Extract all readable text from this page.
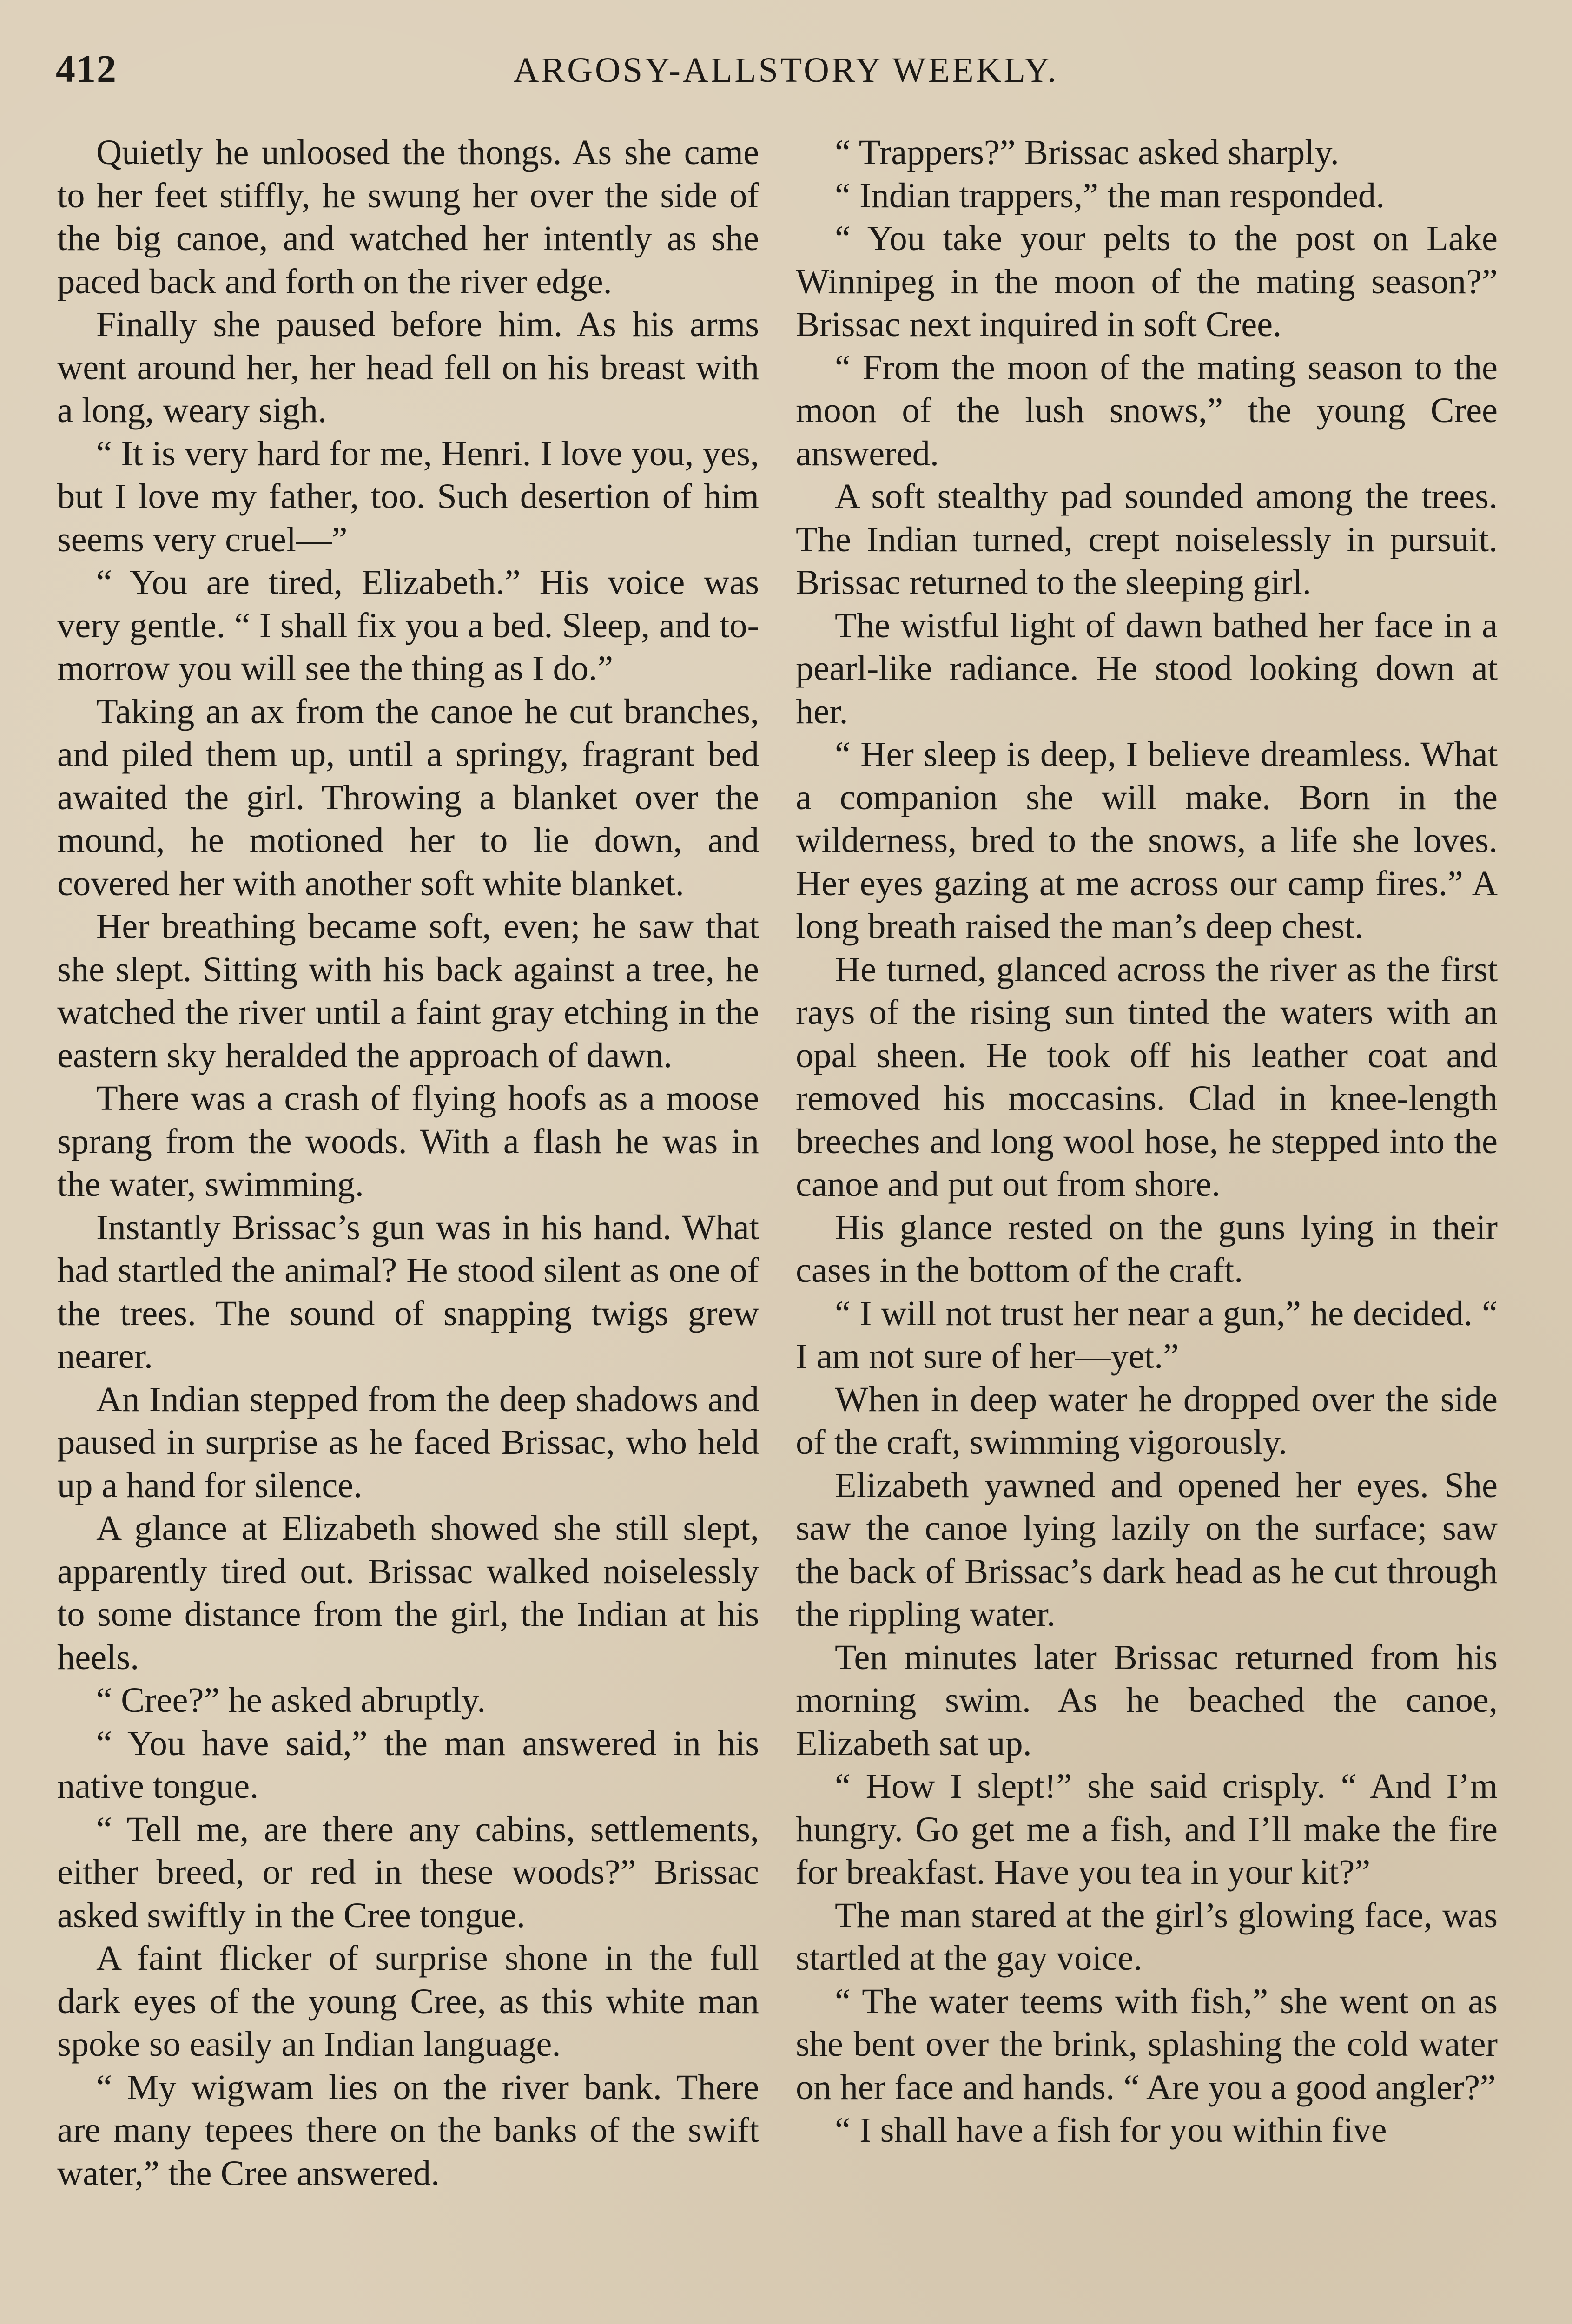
412	ARGOSY-ALLSTORY WEEKLY.

Quietly he unloosed the thongs. As she came to her feet stiffly, he swung her over the side of the big canoe, and watched her intently as she paced back and forth on the river edge.

Finally she paused before him. As his arms went around her, her head fell on his breast with a long, weary sigh.

“ It is very hard for me, Henri. I love you, yes, but I love my father, too. Such desertion of him seems very cruel—”

“ You are tired, Elizabeth.” His voice was very gentle. “ I shall fix you a bed. Sleep, and to-morrow you will see the thing as I do.”

Taking an ax from the canoe he cut branches, and piled them up, until a springy, fragrant bed awaited the girl. Throwing a blanket over the mound, he motioned her to lie down, and covered her with another soft white blanket.

Her breathing became soft, even; he saw that she slept. Sitting with his back against a tree, he watched the river until a faint gray etching in the eastern sky heralded the approach of dawn.

There was a crash of flying hoofs as a moose sprang from the woods. With a flash he was in the water, swimming.

Instantly Brissac’s gun was in his hand. What had startled the animal? He stood silent as one of the trees. The sound of snapping twigs grew nearer.

An Indian stepped from the deep shadows and paused in surprise as he faced Brissac, who held up a hand for silence.

A glance at Elizabeth showed she still slept, apparently tired out. Brissac walked noiselessly to some distance from the girl, the Indian at his heels.

“ Cree?” he asked abruptly.

“ You have said,” the man answered in his native tongue.

“ Tell me, are there any cabins, settlements, either breed, or red in these woods?” Brissac asked swiftly in the Cree tongue.

A faint flicker of surprise shone in the full dark eyes of the young Cree, as this white man spoke so easily an Indian language.

“ My wigwam lies on the river bank. There are many tepees there on the banks of the swift water,” the Cree answered.

“ Trappers?” Brissac asked sharply.

“ Indian trappers,” the man responded.

“ You take your pelts to the post on Lake Winnipeg in the moon of the mating season?” Brissac next inquired in soft Cree.

“ From the moon of the mating season to the moon of the lush snows,” the young Cree answered.

A soft stealthy pad sounded among the trees. The Indian turned, crept noiselessly in pursuit. Brissac returned to the sleeping girl.

The wistful light of dawn bathed her face in a pearl-like radiance. He stood looking down at her.

“ Her sleep is deep, I believe dreamless. What a companion she will make. Born in the wilderness, bred to the snows, a life she loves. Her eyes gazing at me across our camp fires.” A long breath raised the man’s deep chest.

He turned, glanced across the river as the first rays of the rising sun tinted the waters with an opal sheen. He took off his leather coat and removed his moccasins. Clad in knee-length breeches and long wool hose, he stepped into the canoe and put out from shore.

His glance rested on the guns lying in their cases in the bottom of the craft.

“ I will not trust her near a gun,” he decided. “ I am not sure of her—yet.”

When in deep water he dropped over the side of the craft, swimming vigorously.

Elizabeth yawned and opened her eyes. She saw the canoe lying lazily on the surface; saw the back of Brissac’s dark head as he cut through the rippling water.

Ten minutes later Brissac returned from his morning swim. As he beached the canoe, Elizabeth sat up.

“ How I slept!” she said crisply. “ And I’m hungry. Go get me a fish, and I’ll make the fire for breakfast. Have you tea in your kit?”

The man stared at the girl’s glowing face, was startled at the gay voice.

“ The water teems with fish,” she went on as she bent over the brink, splashing the cold water on her face and hands. “ Are you a good angler?”

“ I shall have a fish for you within five
